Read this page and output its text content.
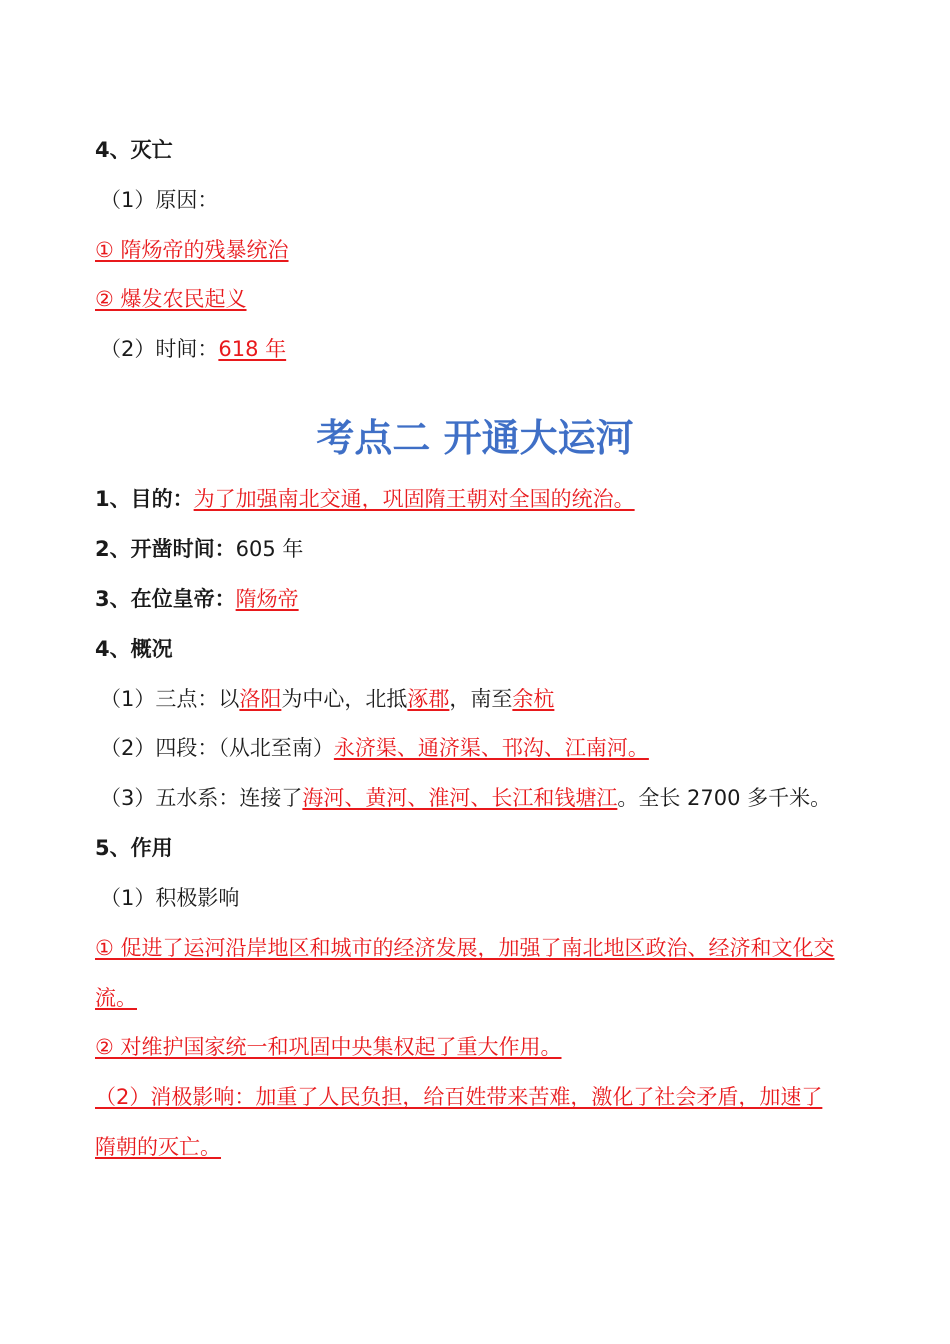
4、灭亡
（1）原因：
① 隋炀帝的残暴统治
② 爆发农民起义
（2）时间：618 年
考点二 开通大运河
1、目的：为了加强南北交通，巩固隋王朝对全国的统治。
2、开凿时间：605 年
3、在位皇帝：隋炀帝
4、概况
（1）三点：以洛阳为中心，北抵涿郡，南至余杭
（2）四段：（从北至南）永济渠、通济渠、邗沟、江南河。
（3）五水系：连接了海河、黄河、淮河、长江和钱塘江。全长 2700 多千米。
5、作用
（1）积极影响
① 促进了运河沿岸地区和城市的经济发展，加强了南北地区政治、经济和文化交
流。
② 对维护国家统一和巩固中央集权起了重大作用。
（2）消极影响：加重了人民负担，给百姓带来苦难，激化了社会矛盾，加速了
隋朝的灭亡。
